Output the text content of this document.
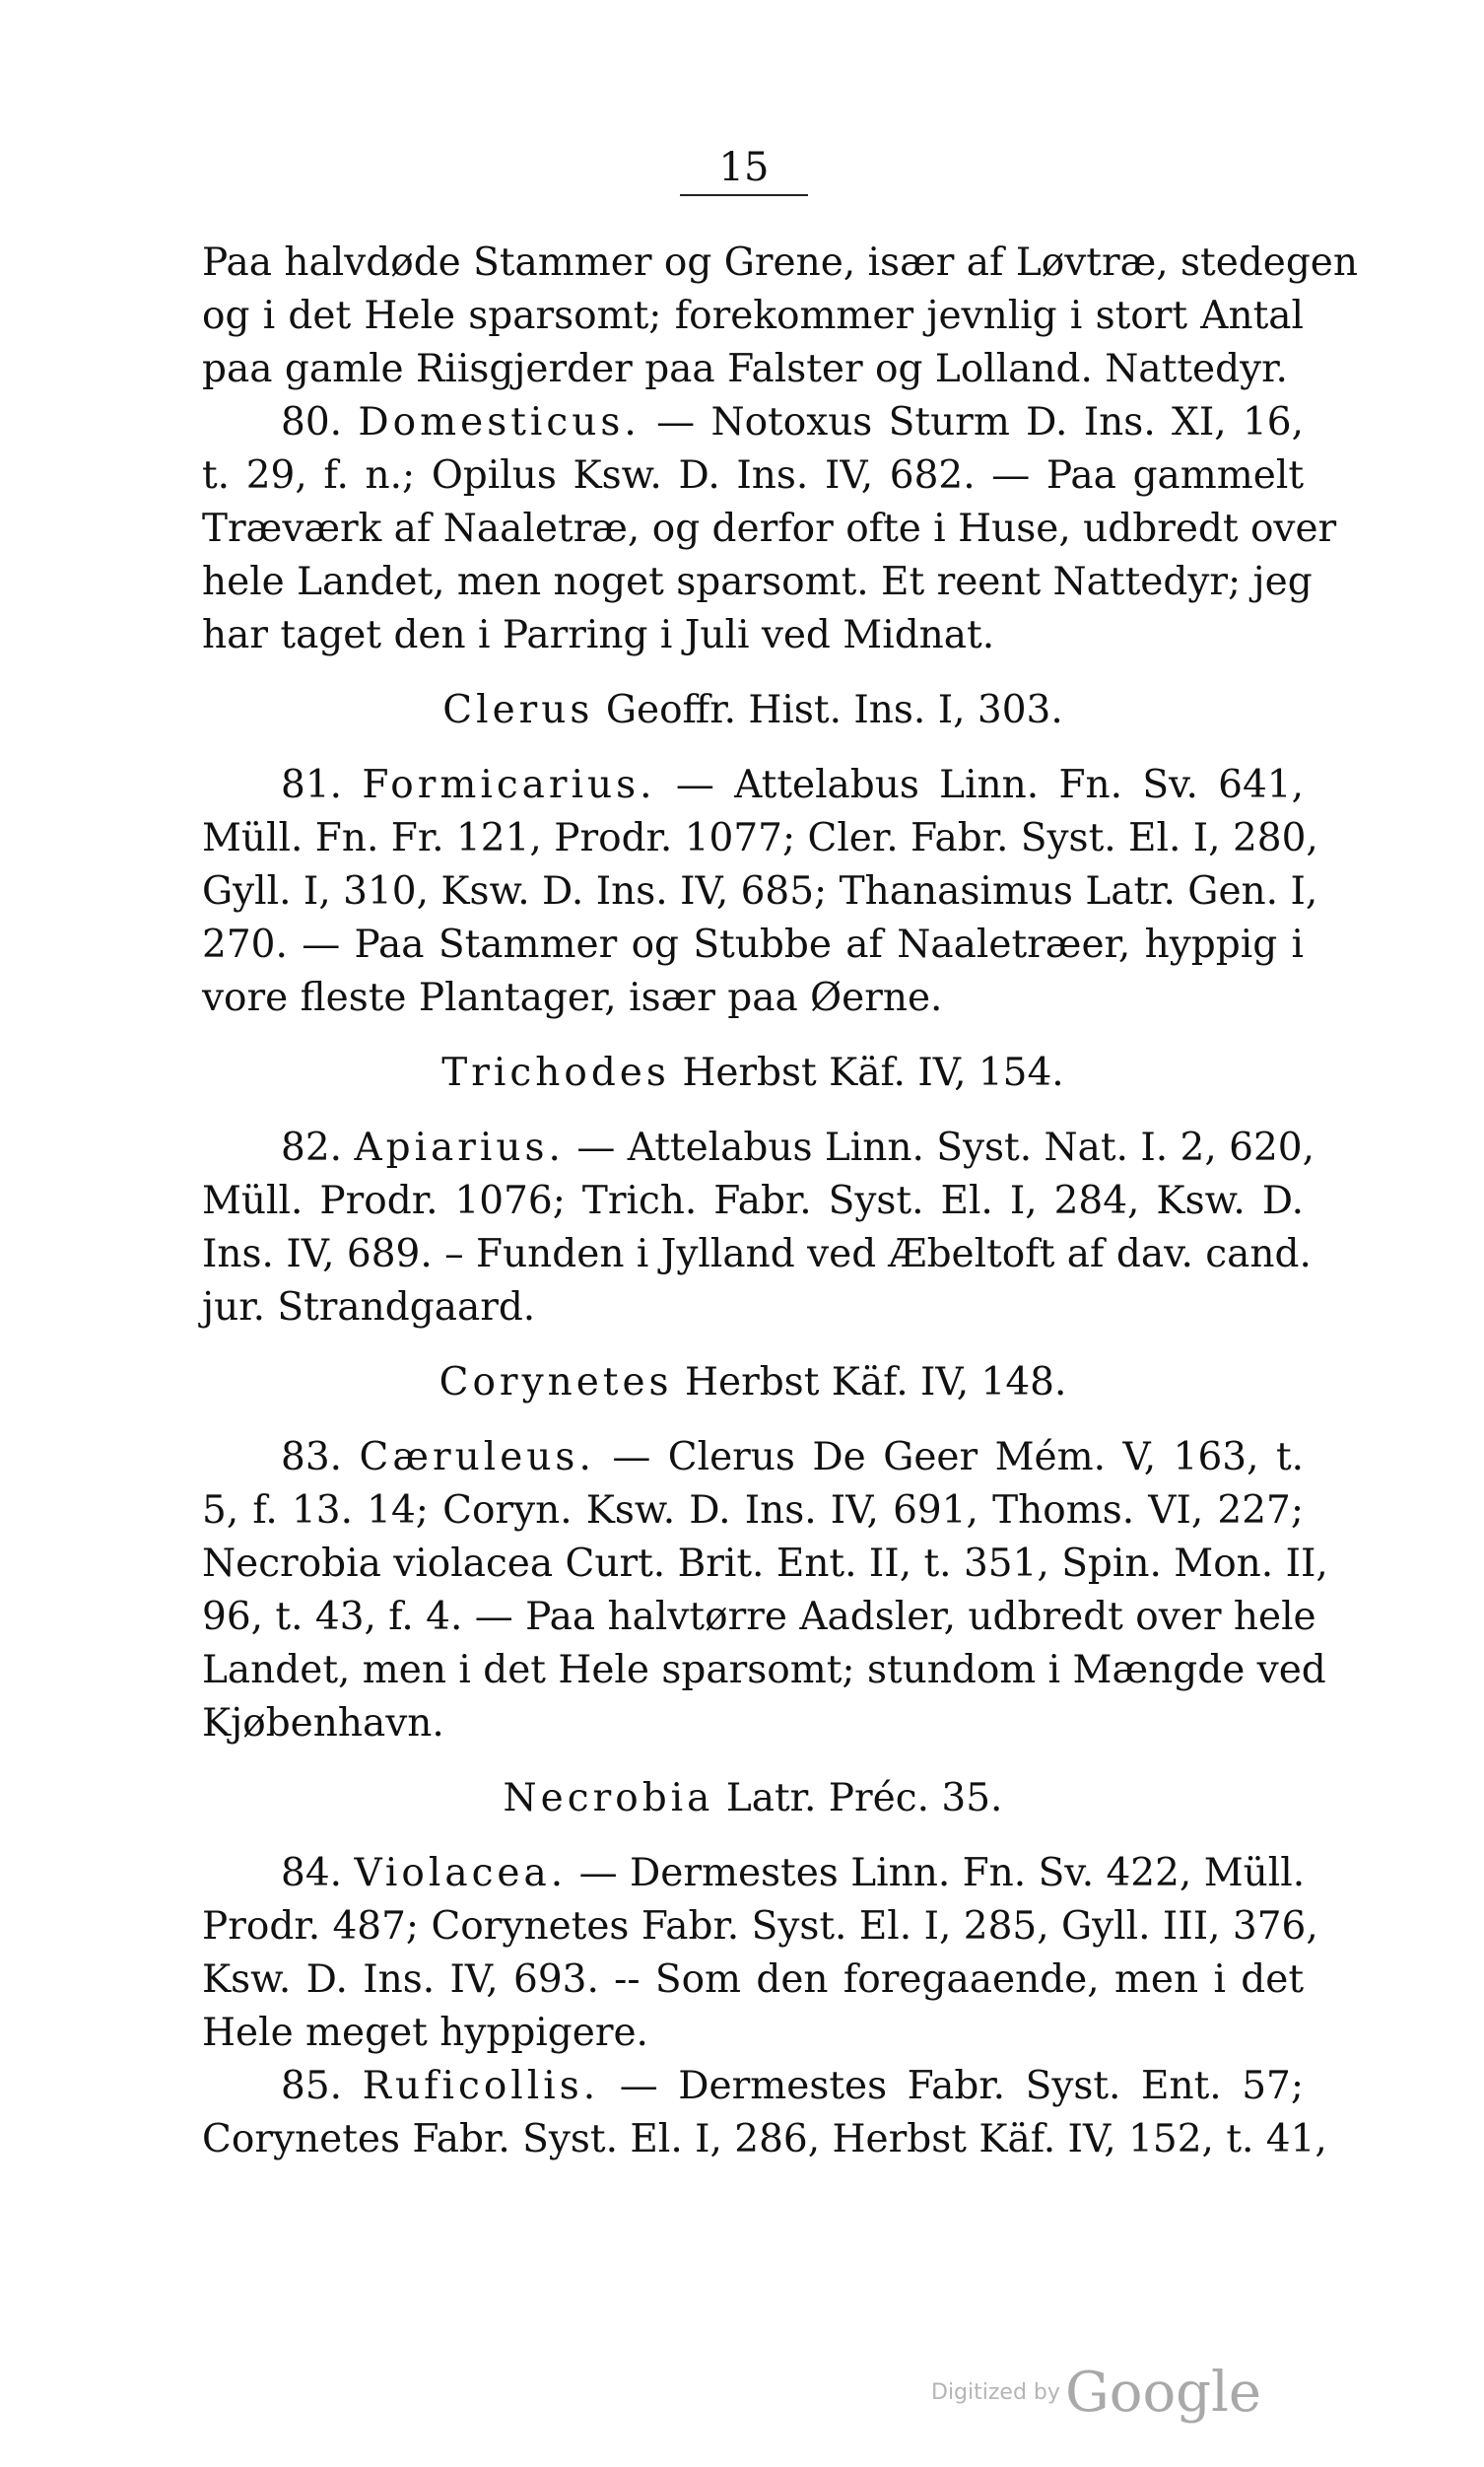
15
Paa halvdøde Stammer og Grene, især af Løvtræ, stedegen
og i det Hele sparsomt; forekommer jevnlig i stort Antal
paa gamle Riisgjerder paa Falster og Lolland. Nattedyr.
80. Domesticus. — Notoxus Sturm D. Ins. XI, 16,
t. 29, f. n.; Opilus Ksw. D. Ins. IV, 682. — Paa gammelt
Træværk af Naaletræ, og derfor ofte i Huse, udbredt over
hele Landet, men noget sparsomt. Et reent Nattedyr; jeg
har taget den i Parring i Juli ved Midnat.
Clerus Geoffr. Hist. Ins. I, 303.
81. Formicarius. — Attelabus Linn. Fn. Sv. 641,
Müll. Fn. Fr. 121, Prodr. 1077; Cler. Fabr. Syst. El. I, 280,
Gyll. I, 310, Ksw. D. Ins. IV, 685; Thanasimus Latr. Gen. I,
270. — Paa Stammer og Stubbe af Naaletræer, hyppig i
vore fleste Plantager, især paa Øerne.
Trichodes Herbst Käf. IV, 154.
82. Apiarius. — Attelabus Linn. Syst. Nat. I. 2, 620,
Müll. Prodr. 1076; Trich. Fabr. Syst. El. I, 284, Ksw. D.
Ins. IV, 689. – Funden i Jylland ved Æbeltoft af dav. cand.
jur. Strandgaard.
Corynetes Herbst Käf. IV, 148.
83. Cæruleus. — Clerus De Geer Mém. V, 163, t.
5, f. 13. 14; Coryn. Ksw. D. Ins. IV, 691, Thoms. VI, 227;
Necrobia violacea Curt. Brit. Ent. II, t. 351, Spin. Mon. II,
96, t. 43, f. 4. — Paa halvtørre Aadsler, udbredt over hele
Landet, men i det Hele sparsomt; stundom i Mængde ved
Kjøbenhavn.
Necrobia Latr. Préc. 35.
84. Violacea. — Dermestes Linn. Fn. Sv. 422, Müll.
Prodr. 487; Corynetes Fabr. Syst. El. I, 285, Gyll. III, 376,
Ksw. D. Ins. IV, 693. -- Som den foregaaende, men i det
Hele meget hyppigere.
85. Ruficollis. — Dermestes Fabr. Syst. Ent. 57;
Corynetes Fabr. Syst. El. I, 286, Herbst Käf. IV, 152, t. 41,
Digitized by Google
